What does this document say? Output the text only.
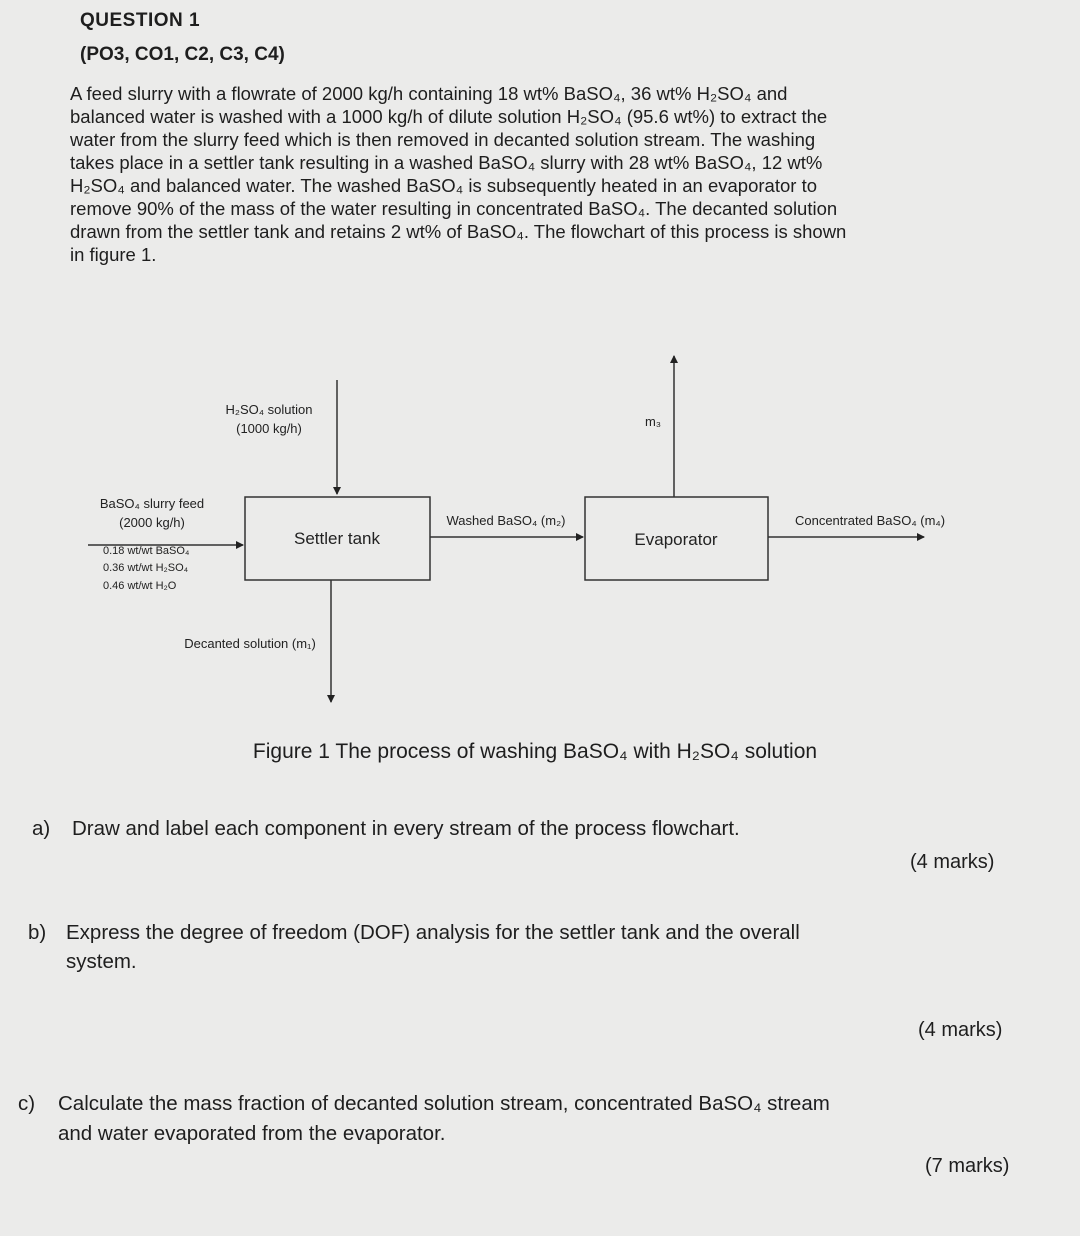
QUESTION 1
(PO3, CO1, C2, C3, C4)

A feed slurry with a flowrate of 2000 kg/h containing 18 wt% BaSO₄, 36 wt% H₂SO₄ and

balanced water is washed with a 1000 kg/h of dilute solution H₂SO₄ (95.6 wt%) to extract the

water from the slurry feed which is then removed in decanted solution stream. The washing

takes place in a settler tank resulting in a washed BaSO₄ slurry with 28 wt% BaSO₄, 12 wt%

H₂SO₄ and balanced water. The washed BaSO₄ is subsequently heated in an evaporator to

remove 90% of the mass of the water resulting in concentrated BaSO₄. The decanted solution

drawn from the settler tank and retains 2 wt% of BaSO₄. The flowchart of this process is shown

in figure 1.

Settler tank	Evaporator
H₂SO₄ solution
(1000 kg/h)
BaSO₄ slurry feed
(2000 kg/h)
0.18 wt/wt BaSO₄
0.36 wt/wt H₂SO₄
0.46 wt/wt H₂O
Washed BaSO₄ (m₂)
m₃
Concentrated BaSO₄ (m₄)
Decanted solution (m₁)
Figure 1 The process of washing BaSO₄ with H₂SO₄ solution
a) Draw and label each component in every stream of the process flowchart.
(4 marks)
b) Express the degree of freedom (DOF) analysis for the settler tank and the overall
system.
(4 marks)
c) Calculate the mass fraction of decanted solution stream, concentrated BaSO₄ stream
and water evaporated from the evaporator.
(7 marks)
